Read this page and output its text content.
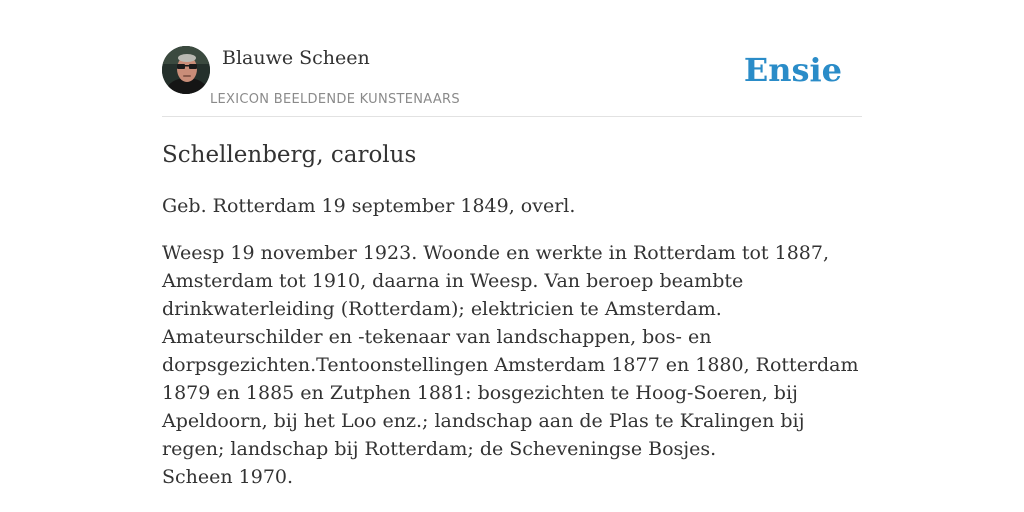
Blauwe Scheen
LEXICON BEELDENDE KUNSTENAARS
Ensie
Schellenberg, carolus

Geb. Rotterdam 19 september 1849, overl.

Weesp 19 november 1923. Woonde en werkte in Rotterdam tot 1887, Amsterdam tot 1910, daarna in Weesp. Van beroep beambte drinkwaterleiding (Rotterdam); elektricien te Amsterdam. Amateurschilder en -tekenaar van landschappen, bos- en dorpsgezichten.Tentoonstellingen Amsterdam 1877 en 1880, Rotterdam 1879 en 1885 en Zutphen 1881: bosgezichten te Hoog-Soeren, bij Apeldoorn, bij het Loo enz.; landschap aan de Plas te Kralingen bij regen; landschap bij Rotterdam; de Scheveningse Bosjes.

Scheen 1970.
